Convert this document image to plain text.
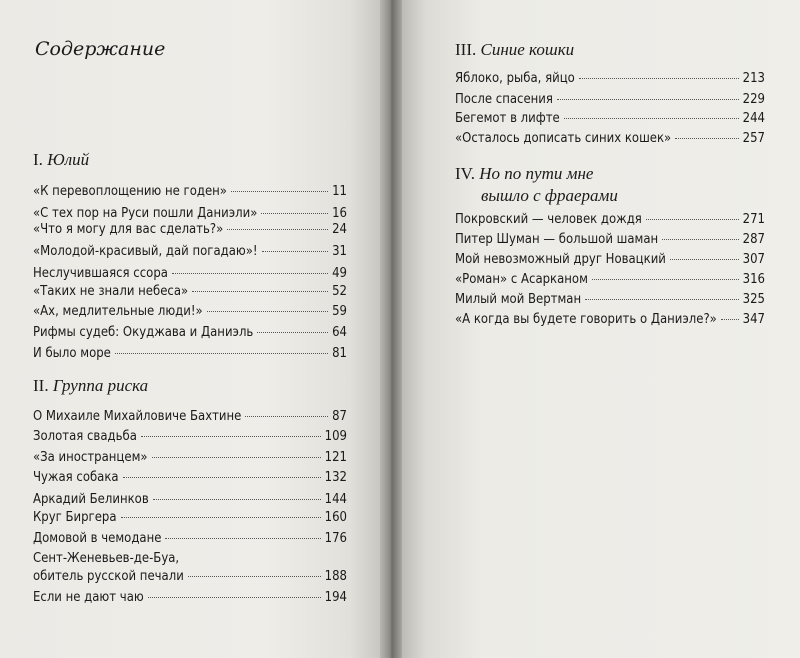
Содержание
I. Юлий
«К перевоплощению не годен»	11
«С тех пор на Руси пошли Даниэли»	16
«Что я могу для вас сделать?»	24
«Молодой-красивый, дай погадаю»!	31
Неслучившаяся ссора	49
«Таких не знали небеса»	52
«Ах, медлительные люди!»	59
Рифмы судеб: Окуджава и Даниэль	64
И было море	81
II. Группа риска
О Михаиле Михайловиче Бахтине	87
Золотая свадьба	109
«За иностранцем»	121
Чужая собака	132
Аркадий Белинков	144
Круг Биргера	160
Домовой в чемодане	176
Сент-Женевьев-де-Буа,
обитель русской печали	188
Если не дают чаю	194
III. Синие кошки
Яблоко, рыба, яйцо	213
После спасения	229
Бегемот в лифте	244
«Осталось дописать синих кошек»	257
IV. Но по пути мне
вышло с фраерами
Покровский — человек дождя	271
Питер Шуман — большой шаман	287
Мой невозможный друг Новацкий	307
«Роман» с Асарканом	316
Милый мой Вертман	325
«А когда вы будете говорить о Даниэле?» 347
